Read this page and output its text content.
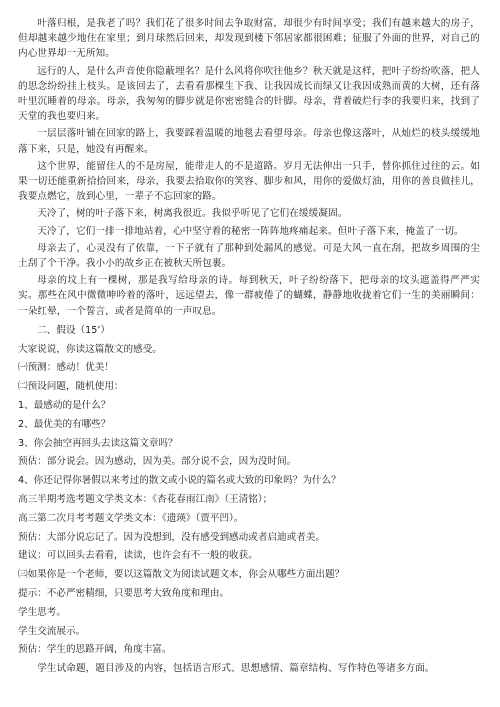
叶落归根，是我老了吗？我们花了很多时间去争取财富，却很少有时间享受；我们有越来越大的房子，但却越来越少地住在家里；到月球然后回来，却发现到楼下邻居家都很困难；征服了外面的世界，对自己的内心世界却一无所知。

远行的人，是什么声音使你隐蔽埋名？是什么风将你吹往他乡？秋天就是这样，把叶子纷纷吹落，把人的思念纷纷挂上枝头。是该回去了，去看看那棵生下我、让我因成长而绿又让我因成熟而黄的大树，还有落叶里沉睡着的母亲。母亲，我匆匆的脚步就是你密密缝合的针脚。母亲，背着破烂行李的我要归来，找到了天堂的我也要归来。

一层层落叶铺在回家的路上，我要踩着温暖的地毯去看望母亲。母亲也像这落叶，从灿烂的枝头缓缓地落下来，只是，她没有再醒来。

这个世界，能留住人的不是房屋，能带走人的不是道路。岁月无法伸出一只手，替你抓住过往的云。如果一切还能重新拾拾回来，母亲，我要去拾取你的笑容、脚步和风，用你的爱做灯油，用你的善良做挂儿，我要点燃它，放到心里，一辈子不忘回家的路。

天冷了，树的叶子落下来，树离我很近。我似乎听见了它们在缓缓凝固。

天冷了，它们一排一排地站着，心中坚守着的秘密一阵阵地疼痛起来。但叶子落下来，掩盖了一切。

母亲去了，心灵没有了依靠，一下子就有了那种到处漏风的感觉。可是大风一直在刮，把故乡周围的尘土刮了个干净。我小小的故乡正在被秋天所包裹。

母亲的坟上有一棵树，那是我写给母亲的诗。每到秋天，叶子纷纷落下，把母亲的坟头遮盖得严严实实。那些在风中微微呻吟着的落叶，远远望去，像一群疲倦了的蝴蝶，静静地收拢着它们一生的美丽瞬间：一朵红晕，一个誓言，或者是简单的一声叹息。

二、假设（15’）
大家说说，你读这篇散文的感受。
㈠预测：感动！优美！
㈡预设问题，随机使用：
1、最感动的是什么？
2、最优美的有哪些？
3、你会抽空再回头去读这篇文章吗？
预估：部分说会。因为感动，因为美。部分说不会，因为没时间。
4、你还记得你暑假以来考过的散文或小说的篇名或大致的印象吗？为什么？
高三半期考选考题文学类文本：《杏花春雨江南》（王清铭）；
高三第二次月考考题文学类文本：《遗瑛》（贾平凹）。
预估：大部分说忘记了。因为没想到，没有感受到感动或者启迪或者美。
建议：可以回头去看看，读读，也许会有不一般的收获。
㈢如果你是一个老师，要以这篇散文为阅读试题文本，你会从哪些方面出题？
提示：不必严密精细，只要思考大致角度和理由。
学生思考。
学生交流展示。
预估：学生的思路开阔，角度丰富。

学生试命题，题目涉及的内容，包括语言形式、思想感情、篇章结构、写作特色等诸多方面。
